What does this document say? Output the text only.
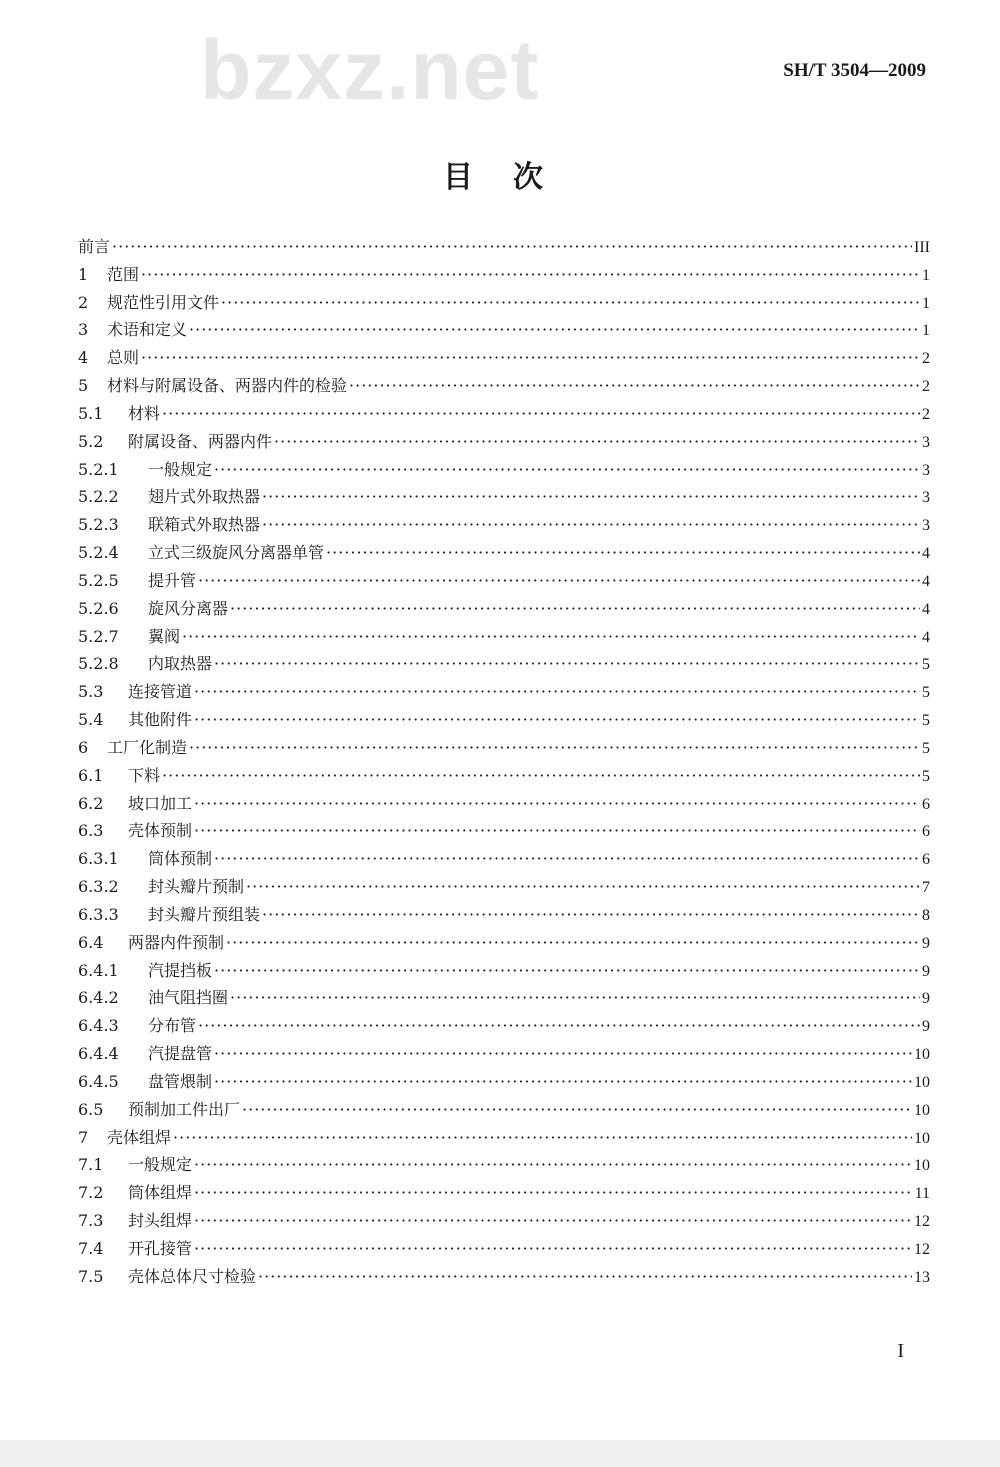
SH/T 3504—2009
bzxz.net
目次
前言 ·····	III
1	范围 ·····	1
2	规范性引用文件 ·····	1
3	术语和定义 ·····	1
4	总则 ·····	2
5	材料与附属设备、两器内件的检验 ·····	2
5.1	材料 ·····	2
5.2	附属设备、两器内件 ·····	3
5.2.1	一般规定 ·····	3
5.2.2	翅片式外取热器 ·····	3
5.2.3	联箱式外取热器 ·····	3
5.2.4	立式三级旋风分离器单管 ·····	4
5.2.5	提升管 ·····	4
5.2.6	旋风分离器 ·····	4
5.2.7	翼阀 ·····	4
5.2.8	内取热器 ·····	5
5.3	连接管道 ·····	5
5.4	其他附件 ·····	5
6	工厂化制造 ·····	5
6.1	下料 ·····	5
6.2	坡口加工 ·····	6
6.3	壳体预制 ·····	6
6.3.1	筒体预制 ·····	6
6.3.2	封头瓣片预制 ·····	7
6.3.3	封头瓣片预组装 ·····	8
6.4	两器内件预制 ·····	9
6.4.1	汽提挡板 ·····	9
6.4.2	油气阻挡圈 ·····	9
6.4.3	分布管 ·····	9
6.4.4	汽提盘管 ·····	10
6.4.5	盘管煨制 ·····	10
6.5	预制加工件出厂 ·····	10
7	壳体组焊 ·····	10
7.1	一般规定 ·····	10
7.2	筒体组焊 ·····	11
7.3	封头组焊 ·····	12
7.4	开孔接管 ·····	12
7.5	壳体总体尺寸检验 ·····	13
I
